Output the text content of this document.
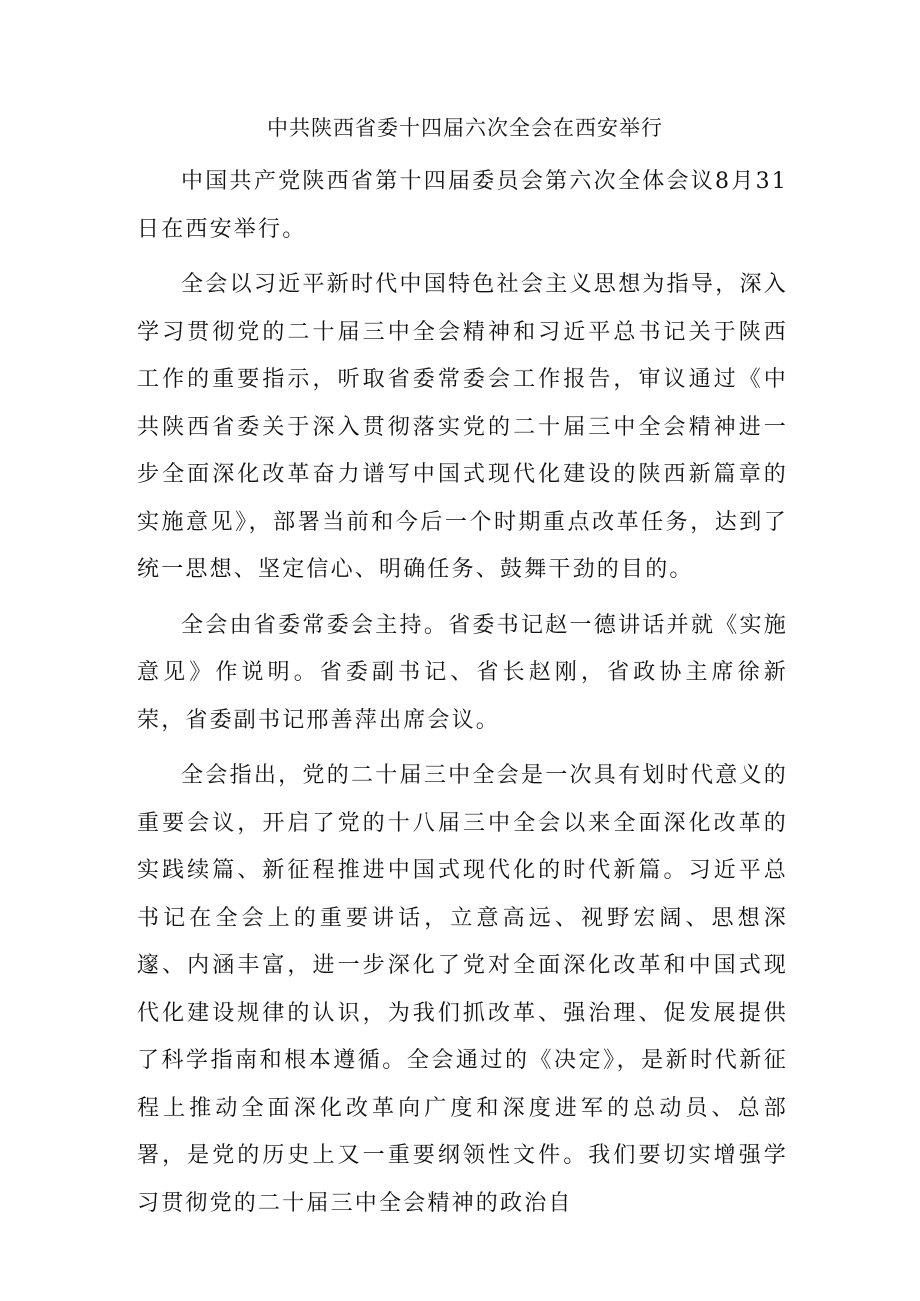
中共陕西省委十四届六次全会在西安举行

中国共产党陕西省第十四届委员会第六次全体会议8月31日在西安举行。

全会以习近平新时代中国特色社会主义思想为指导，深入学习贯彻党的二十届三中全会精神和习近平总书记关于陕西工作的重要指示，听取省委常委会工作报告，审议通过《中共陕西省委关于深入贯彻落实党的二十届三中全会精神进一步全面深化改革奋力谱写中国式现代化建设的陕西新篇章的实施意见》，部署当前和今后一个时期重点改革任务，达到了统一思想、坚定信心、明确任务、鼓舞干劲的目的。

全会由省委常委会主持。省委书记赵一德讲话并就《实施意见》作说明。省委副书记、省长赵刚，省政协主席徐新荣，省委副书记邢善萍出席会议。

全会指出，党的二十届三中全会是一次具有划时代意义的重要会议，开启了党的十八届三中全会以来全面深化改革的实践续篇、新征程推进中国式现代化的时代新篇。习近平总书记在全会上的重要讲话，立意高远、视野宏阔、思想深邃、内涵丰富，进一步深化了党对全面深化改革和中国式现代化建设规律的认识，为我们抓改革、强治理、促发展提供了科学指南和根本遵循。全会通过的《决定》，是新时代新征程上推动全面深化改革向广度和深度进军的总动员、总部署，是党的历史上又一重要纲领性文件。我们要切实增强学习贯彻党的二十届三中全会精神的政治自
